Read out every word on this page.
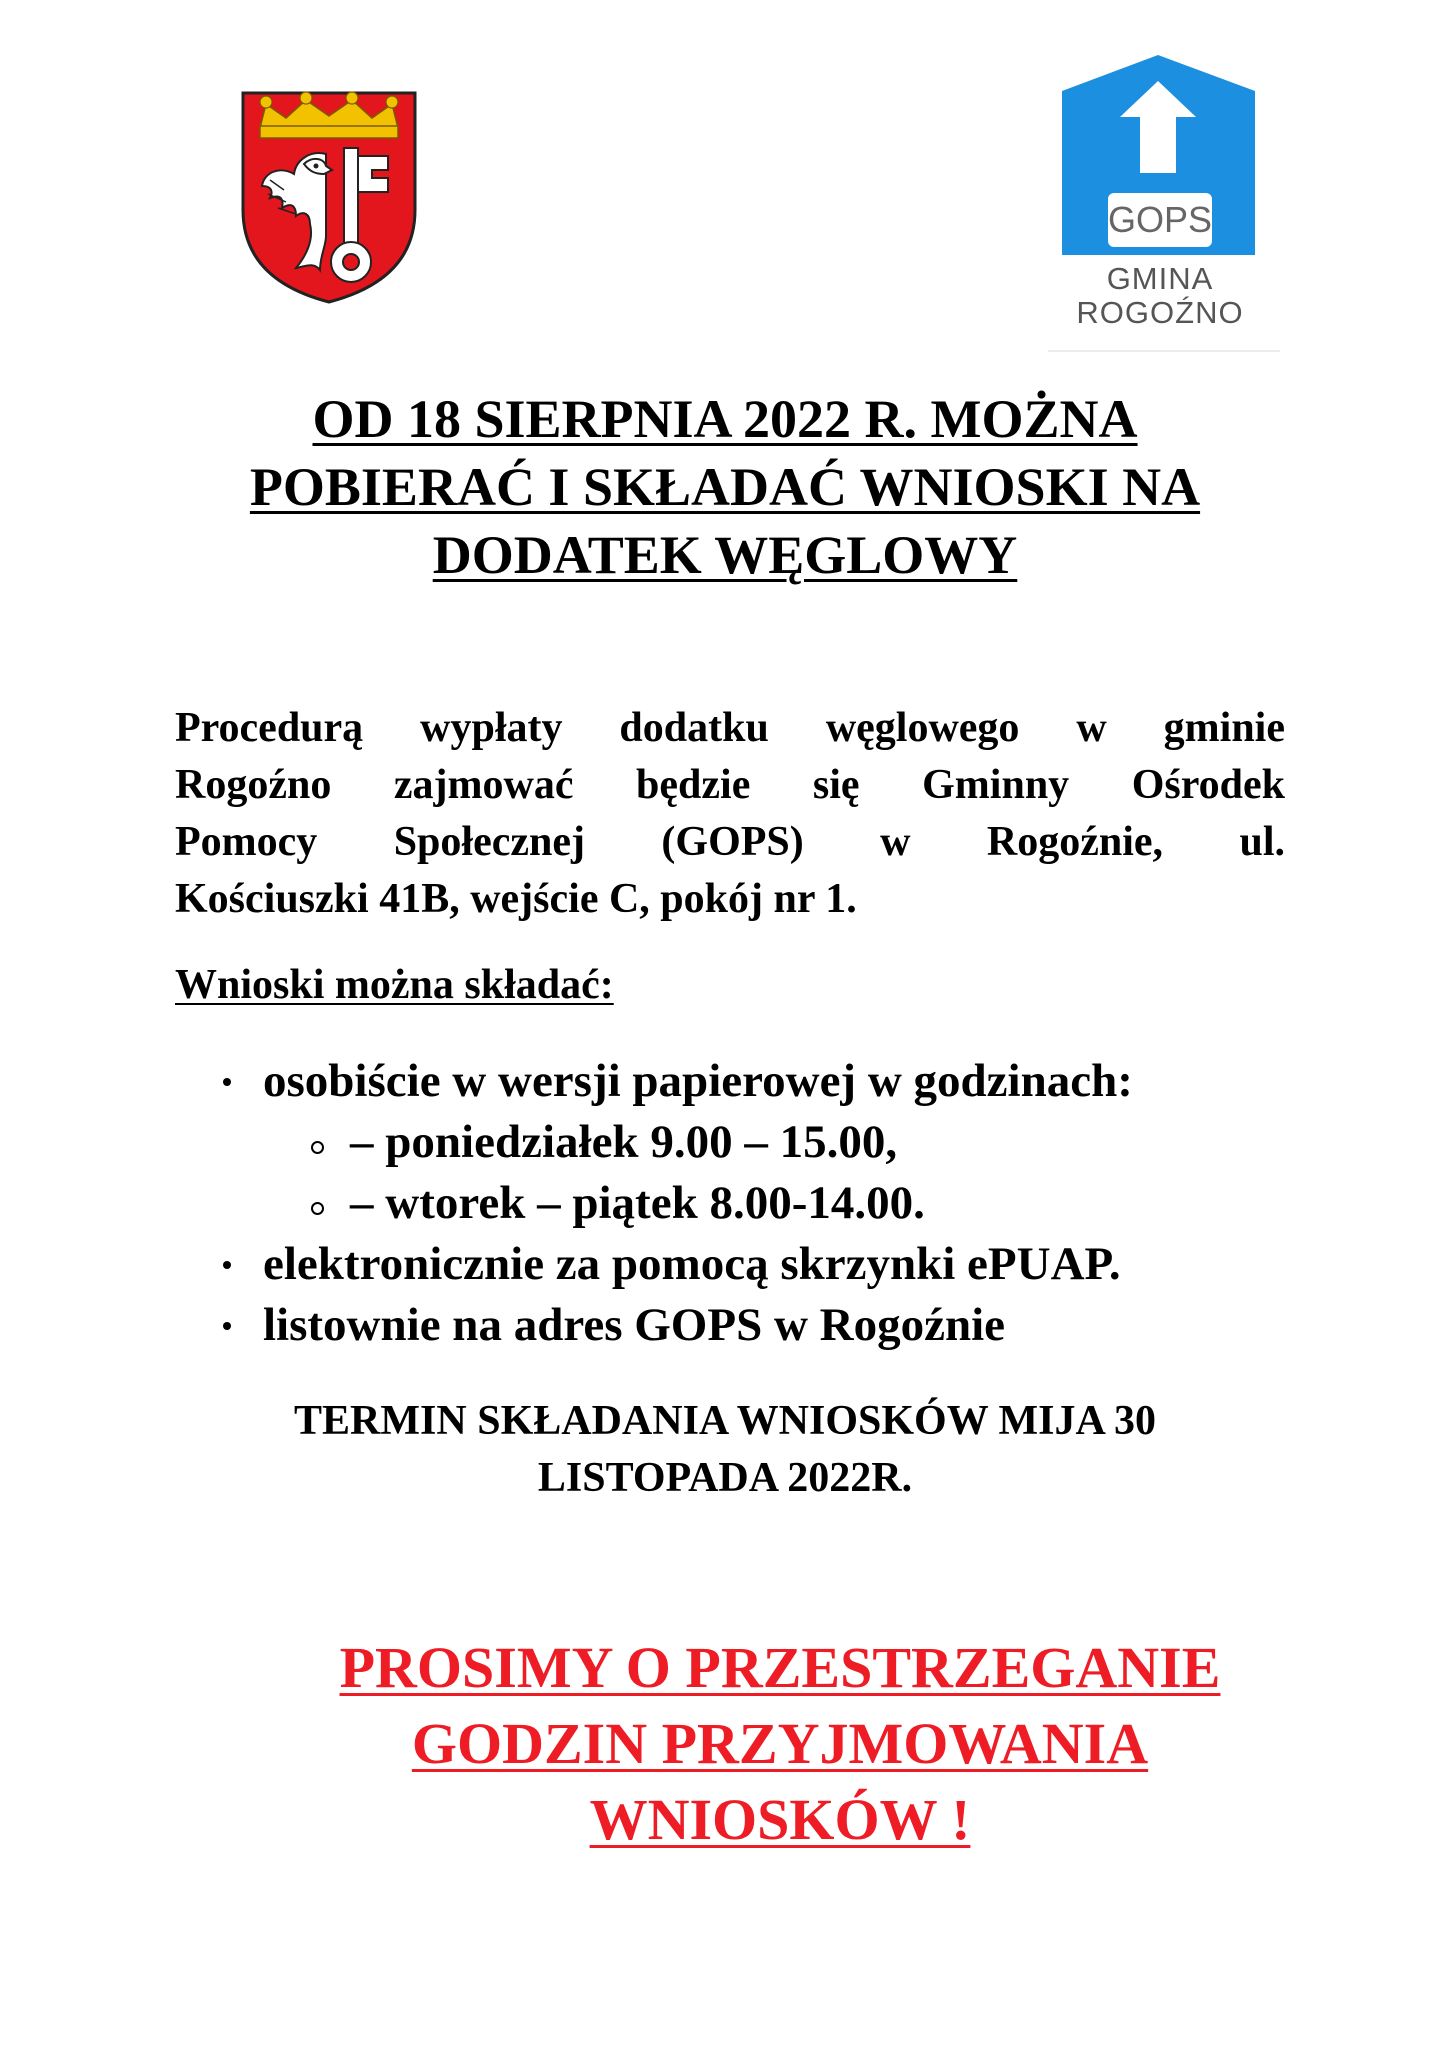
GOPS
GMINA
ROGOŹNO
OD 18 SIERPNIA 2022 R. MOŻNA
POBIERAĆ I SKŁADAĆ WNIOSKI NA
DODATEK WĘGLOWY

Procedurą wypłaty dodatku węglowego w gminie
Rogoźno zajmować będzie się Gminny Ośrodek
Pomocy Społecznej (GOPS) w Rogoźnie, ul.
Kościuszki 41B, wejście C, pokój nr 1.

Wnioski można składać:

osobiście w wersji papierowej w godzinach:
– poniedziałek 9.00 – 15.00,
– wtorek – piątek 8.00-14.00.
elektronicznie za pomocą skrzynki ePUAP.
listownie na adres GOPS w Rogoźnie

TERMIN SKŁADANIA WNIOSKÓW MIJA 30
LISTOPADA 2022R.

PROSIMY O PRZESTRZEGANIE
GODZIN PRZYJMOWANIA
WNIOSKÓW !
